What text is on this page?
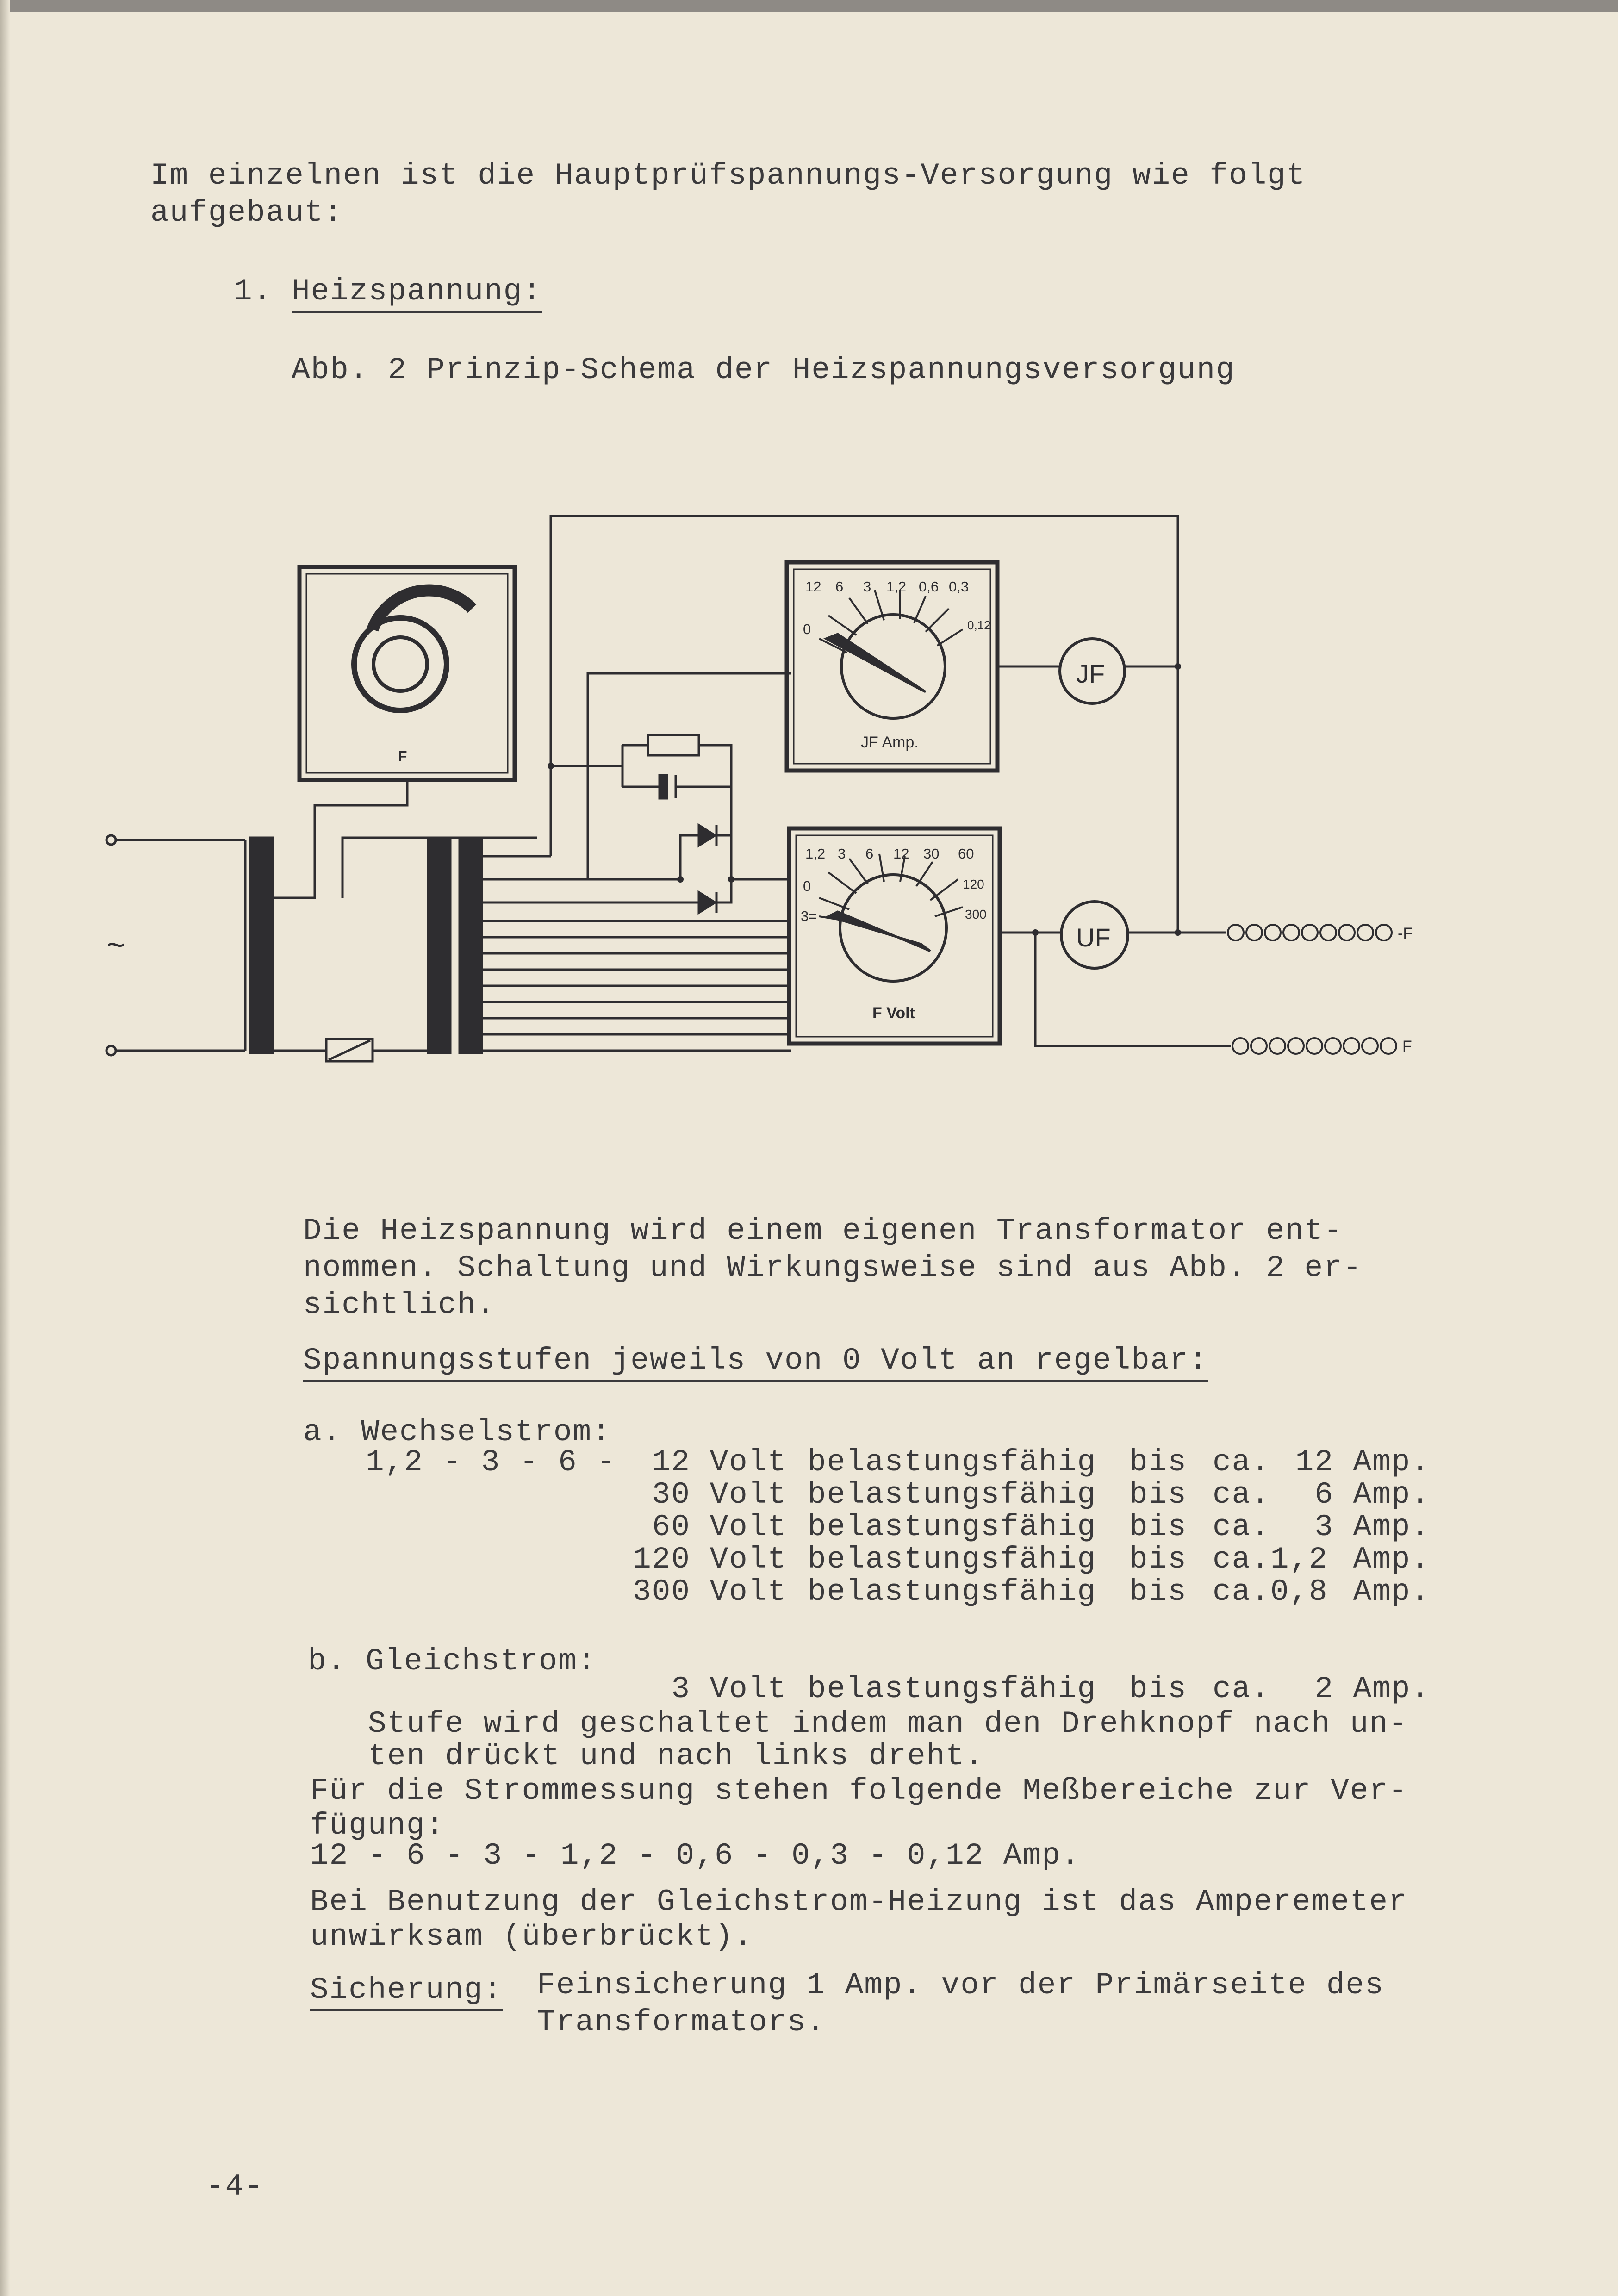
Im einzelnen ist die Hauptprüfspannungs-Versorgung wie folgt

aufgebaut:

1. Heizspannung:

Abb. 2 Prinzip-Schema der Heizspannungsversorgung

~
F
JF Amp.
F Volt
12 6 3 1,2 0,6 0,3
0,12
0
1,2 3 6 12 30 60
120
300
0
3=
JF
UF	-F
F

Die Heizspannung wird einem eigenen Transformator ent-

nommen. Schaltung und Wirkungsweise sind aus Abb. 2 er-

sichtlich.

Spannungsstufen jeweils von 0 Volt an regelbar:

a. Wechselstrom:

1,2 - 3 - 6 -	12 Volt belastungsfähig bis ca. 12 Amp.

30 Volt belastungsfähig bis ca.	6 Amp.

60 Volt belastungsfähig bis ca.	3 Amp.

120 Volt belastungsfähig bis ca.1,2 Amp.

300 Volt belastungsfähig bis ca.0,8 Amp.

b. Gleichstrom:

3 Volt belastungsfähig bis ca.	2 Amp.

Stufe wird geschaltet indem man den Drehknopf nach un-

ten drückt und nach links dreht.

Für die Strommessung stehen folgende Meßbereiche zur Ver-

fügung:

12 - 6 - 3 - 1,2 - 0,6 - 0,3 - 0,12 Amp.

Bei Benutzung der Gleichstrom-Heizung ist das Amperemeter

unwirksam (überbrückt).

Sicherung: Feinsicherung 1 Amp. vor der Primärseite des

Transformators.

-4-
